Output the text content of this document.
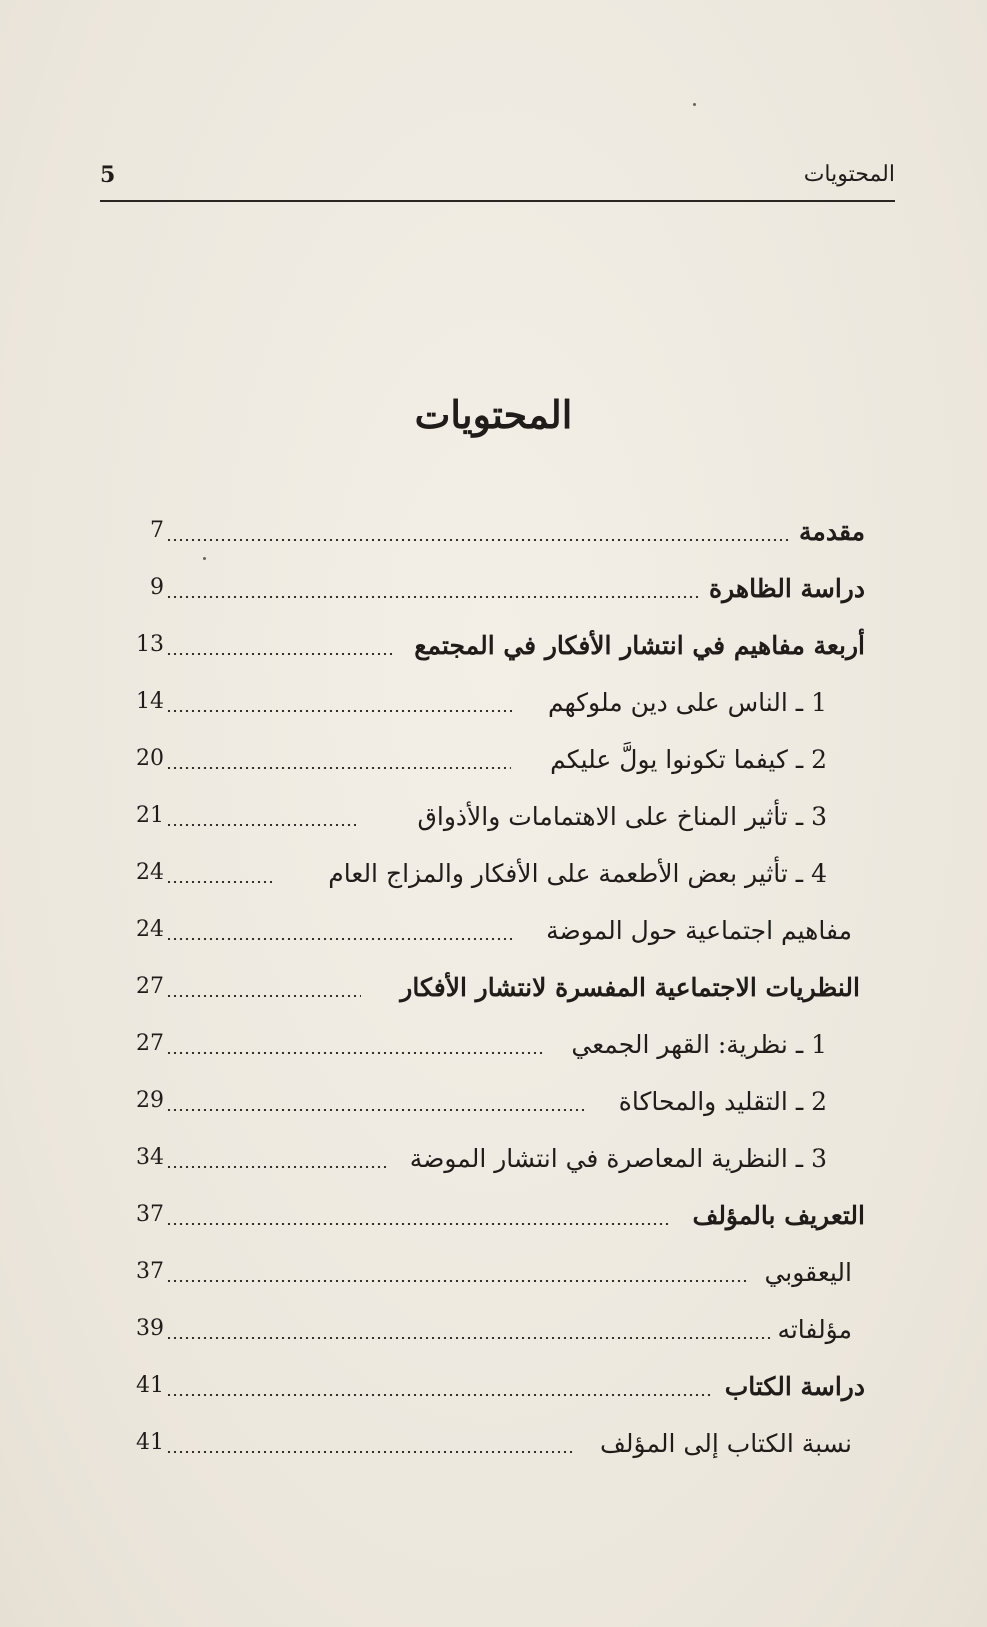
المحتويات
5
المحتويات
7	مقدمة
9	دراسة الظاهرة
13	أربعة مفاهيم في انتشار الأفكار في المجتمع
14	1 ـ الناس على دين ملوكهم
20	2 ـ كيفما تكونوا يولَّ عليكم
21	3 ـ تأثير المناخ على الاهتمامات والأذواق
24	4 ـ تأثير بعض الأطعمة على الأفكار والمزاج العام
24	مفاهيم اجتماعية حول الموضة
27	النظريات الاجتماعية المفسرة لانتشار الأفكار
27	1 ـ نظرية: القهر الجمعي
29	2 ـ التقليد والمحاكاة
34	3 ـ النظرية المعاصرة في انتشار الموضة
37	التعريف بالمؤلف
37	اليعقوبي
39	مؤلفاته
41	دراسة الكتاب
41	نسبة الكتاب إلى المؤلف
